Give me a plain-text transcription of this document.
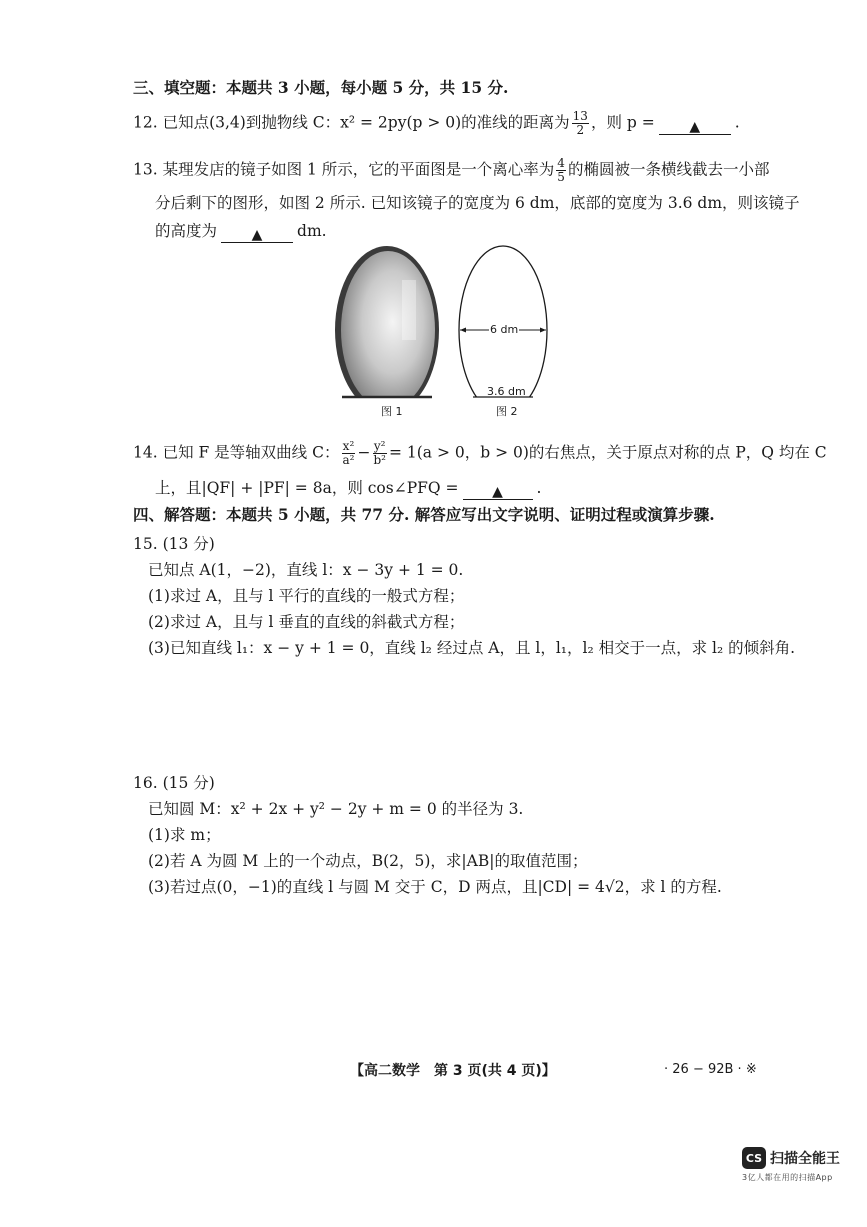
三、填空题：本题共 3 小题，每小题 5 分，共 15 分.
12. 已知点(3,4)到抛物线 C：x² = 2py(p > 0)的准线的距离为 $\frac{13}{2}$ ，则 p = ▲ .
13. 某理发店的镜子如图 1 所示，它的平面图是一个离心率为 $\frac{4}{5}$ 的椭圆被一条横线截去一小部
分后剩下的图形，如图 2 所示. 已知该镜子的宽度为 6 dm，底部的宽度为 3.6 dm，则该镜子
的高度为 ▲ dm.
图 1
6 dm
3.6 dm
图 2
14. 已知 F 是等轴双曲线 C： $\frac{\text{x²}}{\text{a²}} - \frac{\text{y²}}{\text{b²}} = 1(a > 0$，b > 0)的右焦点，关于原点对称的点 P，Q 均在 C
上，且|QF| + |PF| = 8a，则 cos∠PFQ = ▲ .
四、解答题：本题共 5 小题，共 77 分. 解答应写出文字说明、证明过程或演算步骤.
15. (13 分)
已知点 A(1，−2)，直线 l：x − 3y + 1 = 0.
(1)求过 A，且与 l 平行的直线的一般式方程；
(2)求过 A，且与 l 垂直的直线的斜截式方程；
(3)已知直线 l₁：x − y + 1 = 0，直线 l₂ 经过点 A，且 l，l₁，l₂ 相交于一点，求 l₂ 的倾斜角.
16. (15 分)
已知圆 M：x² + 2x + y² − 2y + m = 0 的半径为 3.
(1)求 m；
(2)若 A 为圆 M 上的一个动点，B(2，5)，求|AB|的取值范围；
(3)若过点(0，−1)的直线 l 与圆 M 交于 C，D 两点，且|CD| = 4√2，求 l 的方程.
【高二数学　第 3 页(共 4 页)】	· 26 − 92B · ※
CS 扫描全能王
3亿人都在用的扫描App
